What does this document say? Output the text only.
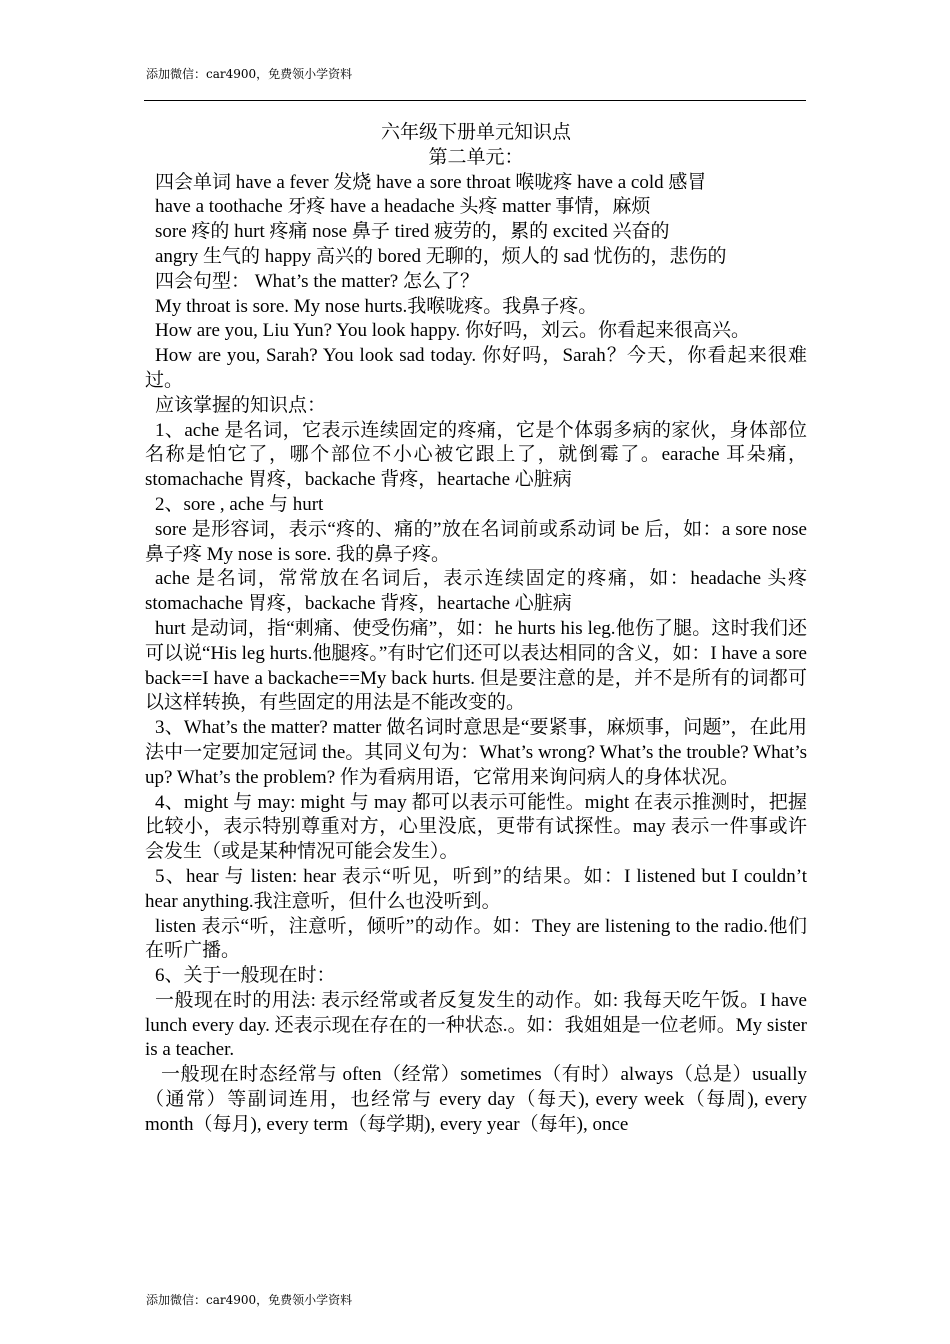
添加微信：car4900，免费领小学资料
六年级下册单元知识点
第二单元：
四会单词 have a fever 发烧 have a sore throat 喉咙疼 have a cold 感冒
have a toothache 牙疼 have a headache 头疼 matter 事情，麻烦
sore 疼的 hurt 疼痛 nose 鼻子 tired 疲劳的，累的 excited 兴奋的
angry 生气的 happy 高兴的 bored 无聊的，烦人的 sad 忧伤的，悲伤的
四会句型： What’s the matter? 怎么了？
My throat is sore. My nose hurts.我喉咙疼。我鼻子疼。
How are you, Liu Yun? You look happy. 你好吗，刘云。你看起来很高兴。
How are you, Sarah? You look sad today. 你好吗，Sarah？今天，你看起来很难过。
应该掌握的知识点：
1、ache 是名词，它表示连续固定的疼痛，它是个体弱多病的家伙，身体部位名称是怕它了，哪个部位不小心被它跟上了，就倒霉了。earache 耳朵痛，stomachache 胃疼，backache 背疼，heartache 心脏病
2、sore , ache 与 hurt
sore 是形容词，表示“疼的、痛的”放在名词前或系动词 be 后，如：a sore nose 鼻子疼 My nose is sore. 我的鼻子疼。
ache 是名词，常常放在名词后，表示连续固定的疼痛，如：headache 头疼 stomachache 胃疼，backache 背疼，heartache 心脏病
hurt 是动词，指“刺痛、使受伤痛”，如：he hurts his leg.他伤了腿。这时我们还可以说“His leg hurts.他腿疼。”有时它们还可以表达相同的含义，如：I have a sore back==I have a backache==My back hurts. 但是要注意的是，并不是所有的词都可以这样转换，有些固定的用法是不能改变的。
3、What’s the matter? matter 做名词时意思是“要紧事，麻烦事，问题”，在此用法中一定要加定冠词 the。其同义句为：What’s wrong? What’s the trouble? What’s up? What’s the problem? 作为看病用语，它常用来询问病人的身体状况。
4、might 与 may: might 与 may 都可以表示可能性。might 在表示推测时，把握比较小，表示特别尊重对方，心里没底，更带有试探性。may 表示一件事或许会发生（或是某种情况可能会发生）。
5、hear 与 listen: hear 表示“听见，听到”的结果。如：I listened but I couldn’t hear anything.我注意听，但什么也没听到。
listen 表示“听，注意听，倾听”的动作。如：They are listening to the radio.他们在听广播。
6、关于一般现在时：
一般现在时的用法: 表示经常或者反复发生的动作。如: 我每天吃午饭。I have lunch every day. 还表示现在存在的一种状态.。如：我姐姐是一位老师。My sister is a teacher.
一般现在时态经常与 often（经常）sometimes（有时）always（总是）usually（通常）等副词连用，也经常与 every day（每天), every week（每周), every month（每月), every term（每学期), every year（每年), once
添加微信：car4900，免费领小学资料
